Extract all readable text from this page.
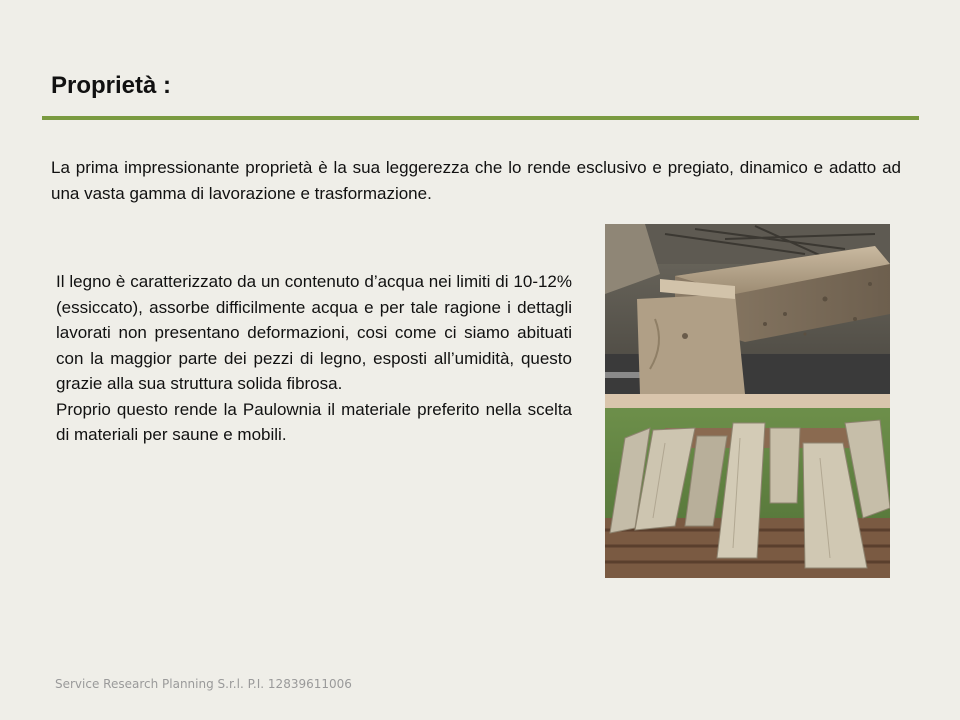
Proprietà :

La prima impressionante proprietà è la sua leggerezza che lo rende esclusivo e pregiato, dinamico e adatto ad una vasta gamma di lavorazione e trasformazione.

Il legno è caratterizzato da un contenuto d’acqua nei limiti di 10-12% (essiccato), assorbe difficilmente acqua e per tale ragione i dettagli lavorati non presentano deformazioni, cosi come ci siamo abituati con la maggior parte dei pezzi di legno, esposti all’umidità, questo grazie alla sua struttura solida fibrosa.

Proprio questo rende la Paulownia il materiale preferito nella scelta di materiali per saune e mobili.

Service Research Planning S.r.l. P.I. 12839611006
